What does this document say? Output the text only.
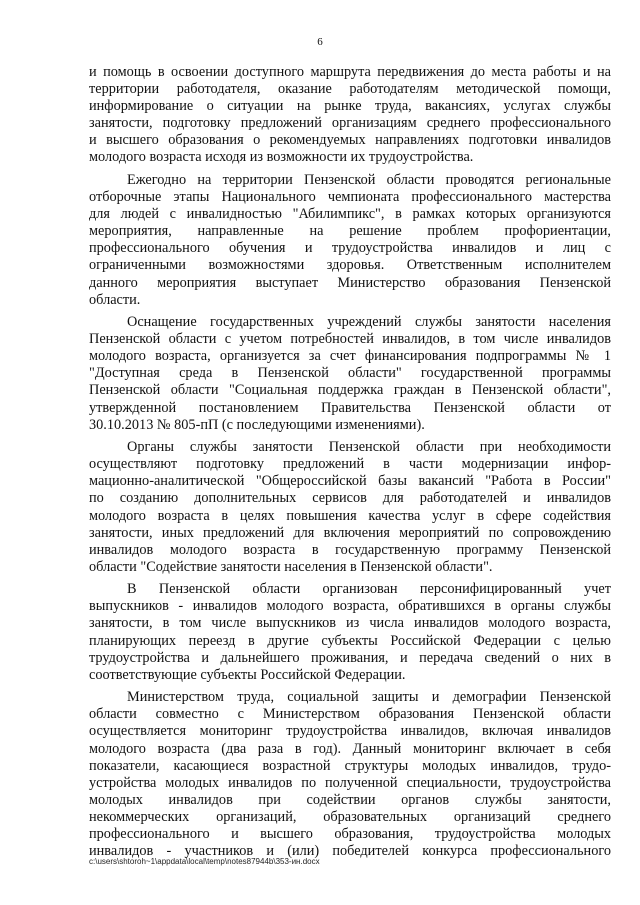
6
и помощь в освоении доступного маршрута передвижения до места работы и на
территории работодателя, оказание работодателям методической помощи,
информирование о ситуации на рынке труда, вакансиях, услугах службы
занятости, подготовку предложений организациям среднего профессионального
и высшего образования о рекомендуемых направлениях подготовки инвалидов
молодого возраста исходя из возможности их трудоустройства.
Ежегодно на территории Пензенской области проводятся региональные
отборочные этапы Национального чемпионата профессионального мастерства
для людей с инвалидностью "Абилимпикс", в рамках которых организуются
мероприятия, направленные на решение проблем профориентации,
профессионального обучения и трудоустройства инвалидов и лиц с
ограниченными возможностями здоровья. Ответственным исполнителем
данного мероприятия выступает Министерство образования Пензенской
области.
Оснащение государственных учреждений службы занятости населения
Пензенской области с учетом потребностей инвалидов, в том числе инвалидов
молодого возраста, организуется за счет финансирования подпрограммы № 1
"Доступная среда в Пензенской области" государственной программы
Пензенской области "Социальная поддержка граждан в Пензенской области",
утвержденной постановлением Правительства Пензенской области от
30.10.2013 № 805-пП (с последующими изменениями).
Органы службы занятости Пензенской области при необходимости
осуществляют подготовку предложений в части модернизации инфор-
мационно-аналитической "Общероссийской базы вакансий "Работа в России"
по созданию дополнительных сервисов для работодателей и инвалидов
молодого возраста в целях повышения качества услуг в сфере содействия
занятости, иных предложений для включения мероприятий по сопровождению
инвалидов молодого возраста в государственную программу Пензенской
области "Содействие занятости населения в Пензенской области".
В Пензенской области организован персонифицированный учет
выпускников - инвалидов молодого возраста, обратившихся в органы службы
занятости, в том числе выпускников из числа инвалидов молодого возраста,
планирующих переезд в другие субъекты Российской Федерации с целью
трудоустройства и дальнейшего проживания, и передача сведений о них в
соответствующие субъекты Российской Федерации.
Министерством труда, социальной защиты и демографии Пензенской
области совместно с Министерством образования Пензенской области
осуществляется мониторинг трудоустройства инвалидов, включая инвалидов
молодого возраста (два раза в год). Данный мониторинг включает в себя
показатели, касающиеся возрастной структуры молодых инвалидов, трудо-
устройства молодых инвалидов по полученной специальности, трудоустройства
молодых инвалидов при содействии органов службы занятости,
некоммерческих организаций, образовательных организаций среднего
профессионального и высшего образования, трудоустройства молодых
инвалидов - участников и (или) победителей конкурса профессионального
c:\users\shtoroh~1\appdata\local\temp\notes87944b\353-ин.docx
